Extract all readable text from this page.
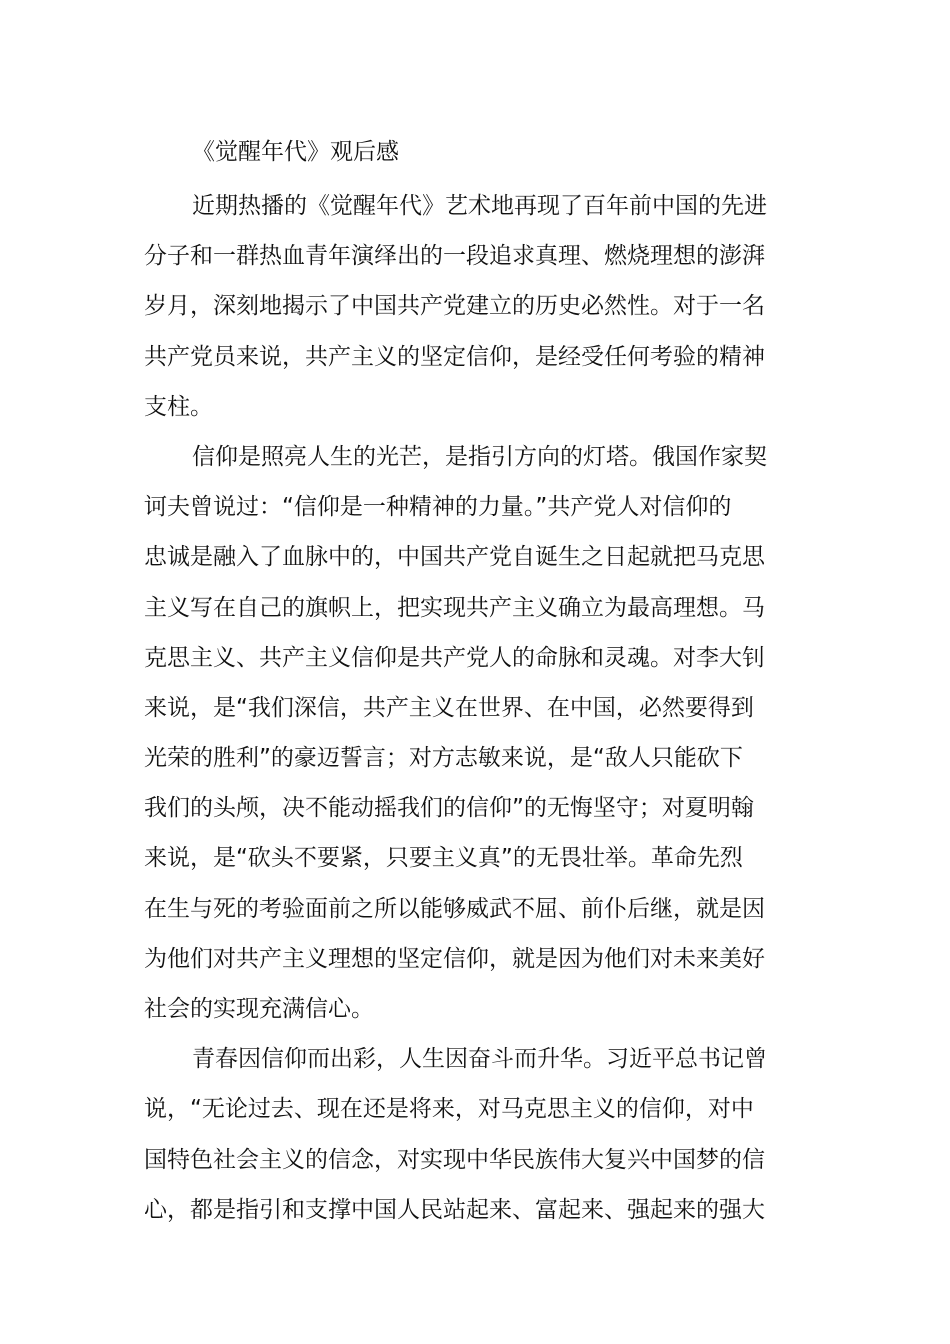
《觉醒年代》观后感

近期热播的《觉醒年代》艺术地再现了百年前中国的先进
分子和一群热血青年演绎出的一段追求真理、燃烧理想的澎湃
岁月，深刻地揭示了中国共产党建立的历史必然性。对于一名
共产党员来说，共产主义的坚定信仰，是经受任何考验的精神
支柱。

信仰是照亮人生的光芒，是指引方向的灯塔。俄国作家契
诃夫曾说过：“信仰是一种精神的力量。”共产党人对信仰的
忠诚是融入了血脉中的，中国共产党自诞生之日起就把马克思
主义写在自己的旗帜上，把实现共产主义确立为最高理想。马
克思主义、共产主义信仰是共产党人的命脉和灵魂。对李大钊
来说，是“我们深信，共产主义在世界、在中国，必然要得到
光荣的胜利”的豪迈誓言；对方志敏来说，是“敌人只能砍下
我们的头颅，决不能动摇我们的信仰”的无悔坚守；对夏明翰
来说，是“砍头不要紧，只要主义真”的无畏壮举。革命先烈
在生与死的考验面前之所以能够威武不屈、前仆后继，就是因
为他们对共产主义理想的坚定信仰，就是因为他们对未来美好
社会的实现充满信心。

青春因信仰而出彩，人生因奋斗而升华。习近平总书记曾
说，“无论过去、现在还是将来，对马克思主义的信仰，对中
国特色社会主义的信念，对实现中华民族伟大复兴中国梦的信
心，都是指引和支撑中国人民站起来、富起来、强起来的强大
